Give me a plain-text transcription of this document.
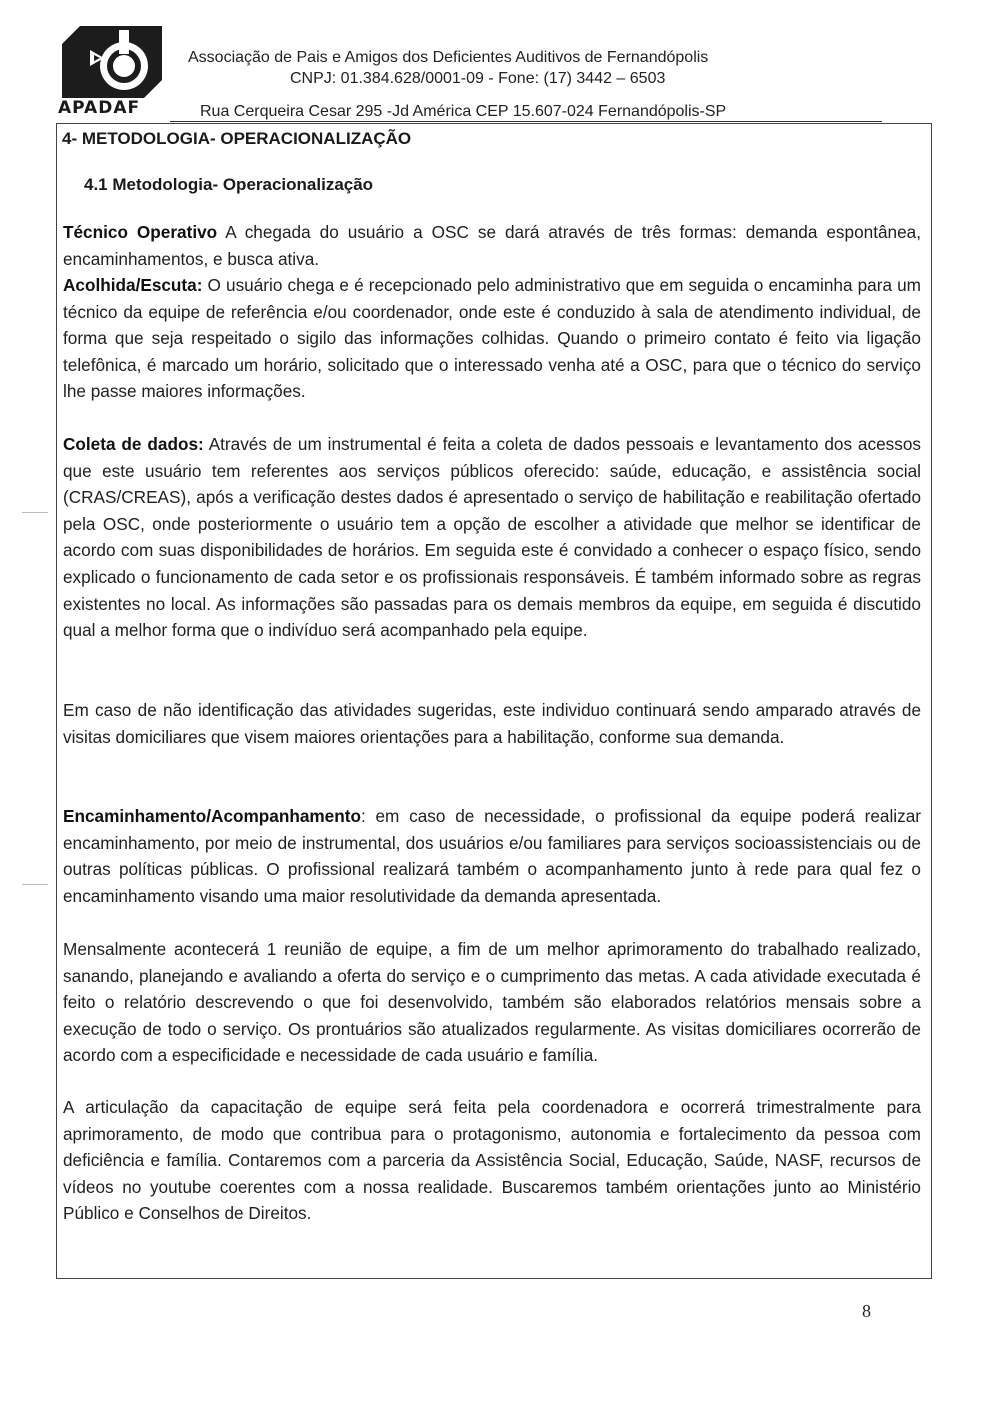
APADAF
Associação de Pais e Amigos dos Deficientes Auditivos de Fernandópolis
CNPJ: 01.384.628/0001-09 - Fone: (17) 3442 – 6503
Rua Cerqueira Cesar 295 -Jd América CEP 15.607-024 Fernandópolis-SP
4- METODOLOGIA- OPERACIONALIZAÇÃO
4.1 Metodologia- Operacionalização
Técnico Operativo A chegada do usuário a OSC se dará através de três formas: demanda espontânea, encaminhamentos, e busca ativa.
Acolhida/Escuta: O usuário chega e é recepcionado pelo administrativo que em seguida o encaminha para um técnico da equipe de referência e/ou coordenador, onde este é conduzido à sala de atendimento individual, de forma que seja respeitado o sigilo das informações colhidas. Quando o primeiro contato é feito via ligação telefônica, é marcado um horário, solicitado que o interessado venha até a OSC, para que o técnico do serviço lhe passe maiores informações.
Coleta de dados: Através de um instrumental é feita a coleta de dados pessoais e levantamento dos acessos que este usuário tem referentes aos serviços públicos oferecido: saúde, educação, e assistência social (CRAS/CREAS), após a verificação destes dados é apresentado o serviço de habilitação e reabilitação ofertado pela OSC, onde posteriormente o usuário tem a opção de escolher a atividade que melhor se identificar de acordo com suas disponibilidades de horários. Em seguida este é convidado a conhecer o espaço físico, sendo explicado o funcionamento de cada setor e os profissionais responsáveis. É também informado sobre as regras existentes no local. As informações são passadas para os demais membros da equipe, em seguida é discutido qual a melhor forma que o indivíduo será acompanhado pela equipe.
Em caso de não identificação das atividades sugeridas, este individuo continuará sendo amparado através de visitas domiciliares que visem maiores orientações para a habilitação, conforme sua demanda.
Encaminhamento/Acompanhamento: em caso de necessidade, o profissional da equipe poderá realizar encaminhamento, por meio de instrumental, dos usuários e/ou familiares para serviços socioassistenciais ou de outras políticas públicas. O profissional realizará também o acompanhamento junto à rede para qual fez o encaminhamento visando uma maior resolutividade da demanda apresentada.
Mensalmente acontecerá 1 reunião de equipe, a fim de um melhor aprimoramento do trabalhado realizado, sanando, planejando e avaliando a oferta do serviço e o cumprimento das metas. A cada atividade executada é feito o relatório descrevendo o que foi desenvolvido, também são elaborados relatórios mensais sobre a execução de todo o serviço. Os prontuários são atualizados regularmente. As visitas domiciliares ocorrerão de acordo com a especificidade e necessidade de cada usuário e família.
A articulação da capacitação de equipe será feita pela coordenadora e ocorrerá trimestralmente para aprimoramento, de modo que contribua para o protagonismo, autonomia e fortalecimento da pessoa com deficiência e família. Contaremos com a parceria da Assistência Social, Educação, Saúde, NASF, recursos de vídeos no youtube coerentes com a nossa realidade. Buscaremos também orientações junto ao Ministério Público e Conselhos de Direitos.
8
